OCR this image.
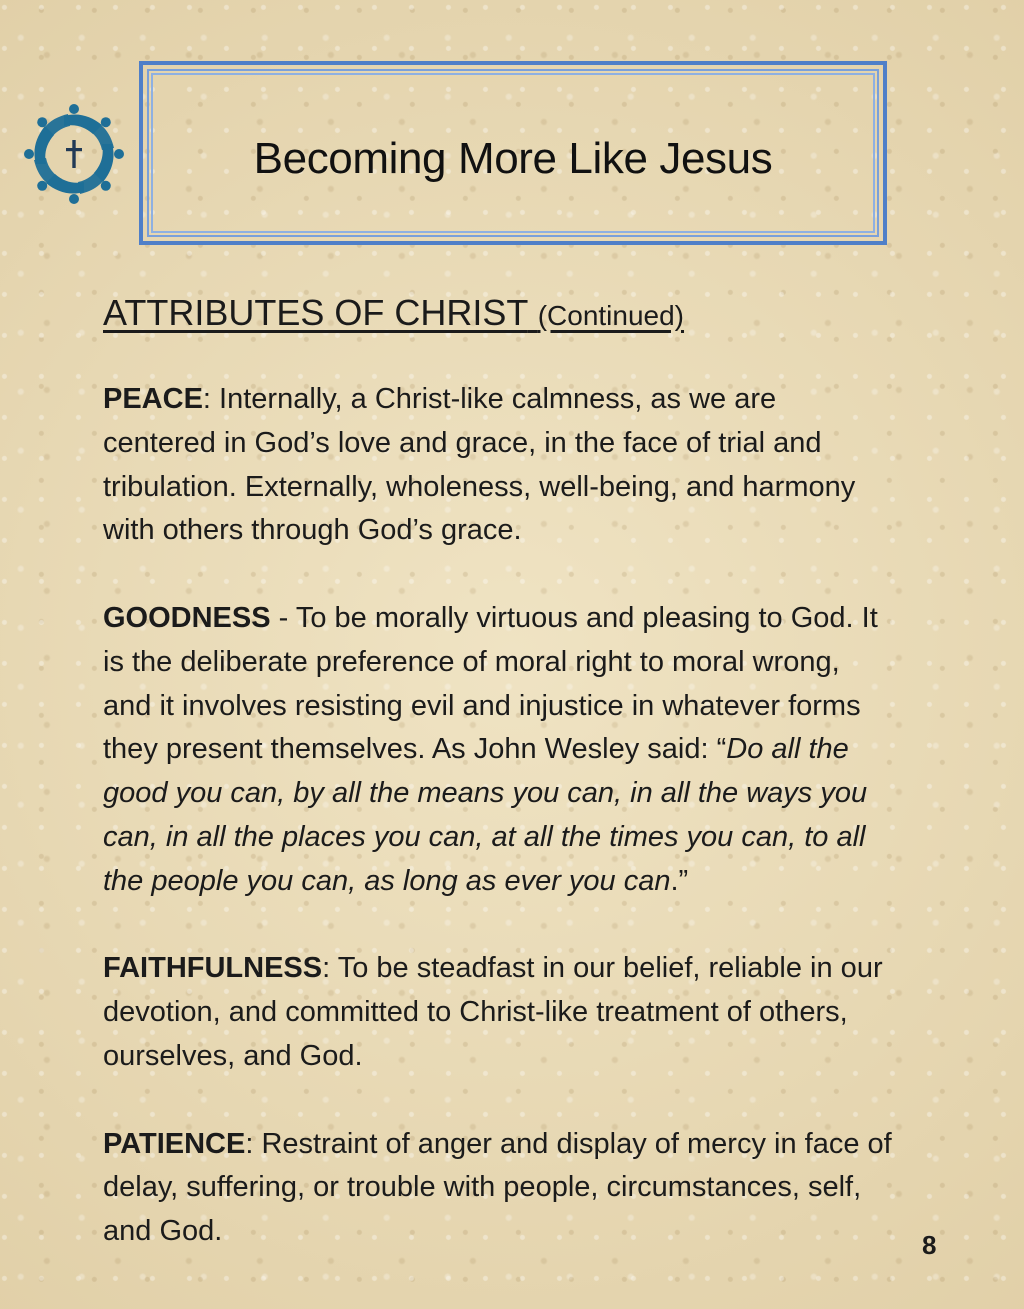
Becoming More Like Jesus
ATTRIBUTES OF CHRIST (Continued)

PEACE: Internally, a Christ-like calmness, as we are centered in God’s love and grace, in the face of trial and tribulation. Externally, wholeness, well-being, and harmony with others through God’s grace.

GOODNESS - To be morally virtuous and pleasing to God. It is the deliberate preference of moral right to moral wrong, and it involves resisting evil and injustice in whatever forms they present themselves. As John Wesley said: “Do all the good you can, by all the means you can, in all the ways you can, in all the places you can, at all the times you can, to all the people you can, as long as ever you can.”

FAITHFULNESS: To be steadfast in our belief, reliable in our devotion, and committed to Christ-like treatment of others, ourselves, and God.

PATIENCE: Restraint of anger and display of mercy in face of delay, suffering, or trouble with people, circumstances, self, and God.	8
